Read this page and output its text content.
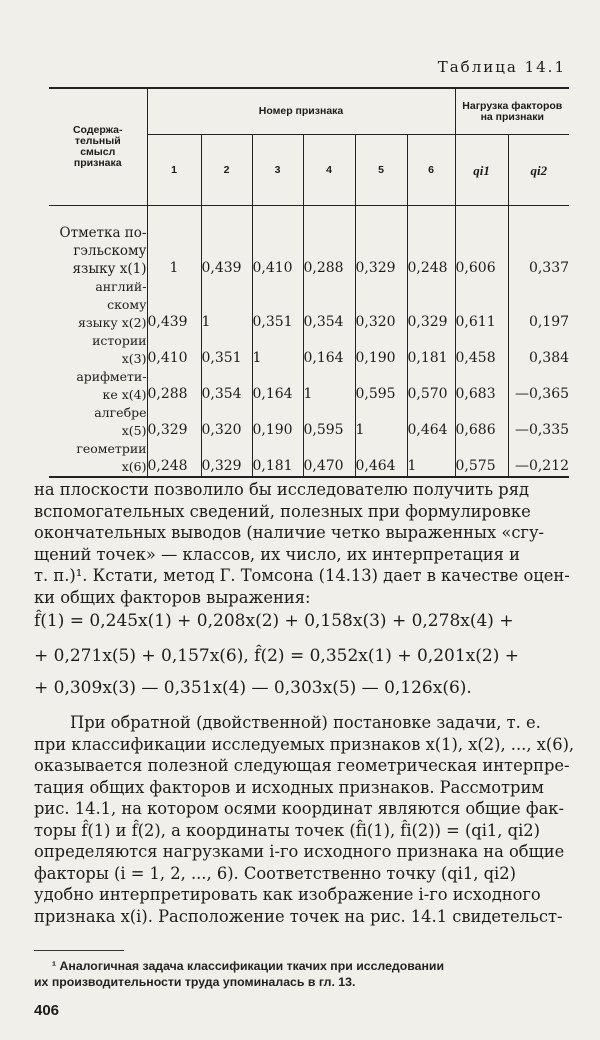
Таблица 14.1
Содержа-тельный смысл признака	Номер признака						Нагрузка факторов на признаки	
	1	2	3	4	5	6	qi1	qi2

Отметка по-
гэльскому
языку x(1)	1	0,439	0,410	0,288	0,329	0,248	0,606	0,337

англий-
скому
языку x(2)	0,439	1	0,351	0,354	0,320	0,329	0,611	0,197

истории
x(3)	0,410	0,351	1	0,164	0,190	0,181	0,458	0,384

арифмети-
ке x(4)	0,288	0,354	0,164	1	0,595	0,570	0,683	—0,365

алгебре
x(5)	0,329	0,320	0,190	0,595	1	0,464	0,686	—0,335

геометрии
x(6)	0,248	0,329	0,181	0,470	0,464	1	0,575	—0,212
на плоскости позволило бы исследователю получить ряд
вспомогательных сведений, полезных при формулировке
окончательных выводов (наличие четко выраженных «сгу-
щений точек» — классов, их число, их интерпретация и
т. п.)¹. Кстати, метод Г. Томсона (14.13) дает в качестве оцен-
ки общих факторов выражения:
f̂(1) = 0,245x(1) + 0,208x(2) + 0,158x(3) + 0,278x(4) +
+ 0,271x(5) + 0,157x(6), f̂(2) = 0,352x(1) + 0,201x(2) +
+ 0,309x(3) — 0,351x(4) — 0,303x(5) — 0,126x(6).
При обратной (двойственной) постановке задачи, т. е.
при классификации исследуемых признаков x(1), x(2), ..., x(6),
оказывается полезной следующая геометрическая интерпре-
тация общих факторов и исходных признаков. Рассмотрим
рис. 14.1, на котором осями координат являются общие фак-
торы f̂(1) и f̂(2), а координаты точек (f̂i(1), f̂i(2)) = (qi1, qi2)
определяются нагрузками i-го исходного признака на общие
факторы (i = 1, 2, ..., 6). Соответственно точку (qi1, qi2)
удобно интерпретировать как изображение i-го исходного
признака x(i). Расположение точек на рис. 14.1 свидетельст-
¹ Аналогичная задача классификации ткачих при исследовании
их производительности труда упоминалась в гл. 13.
406
